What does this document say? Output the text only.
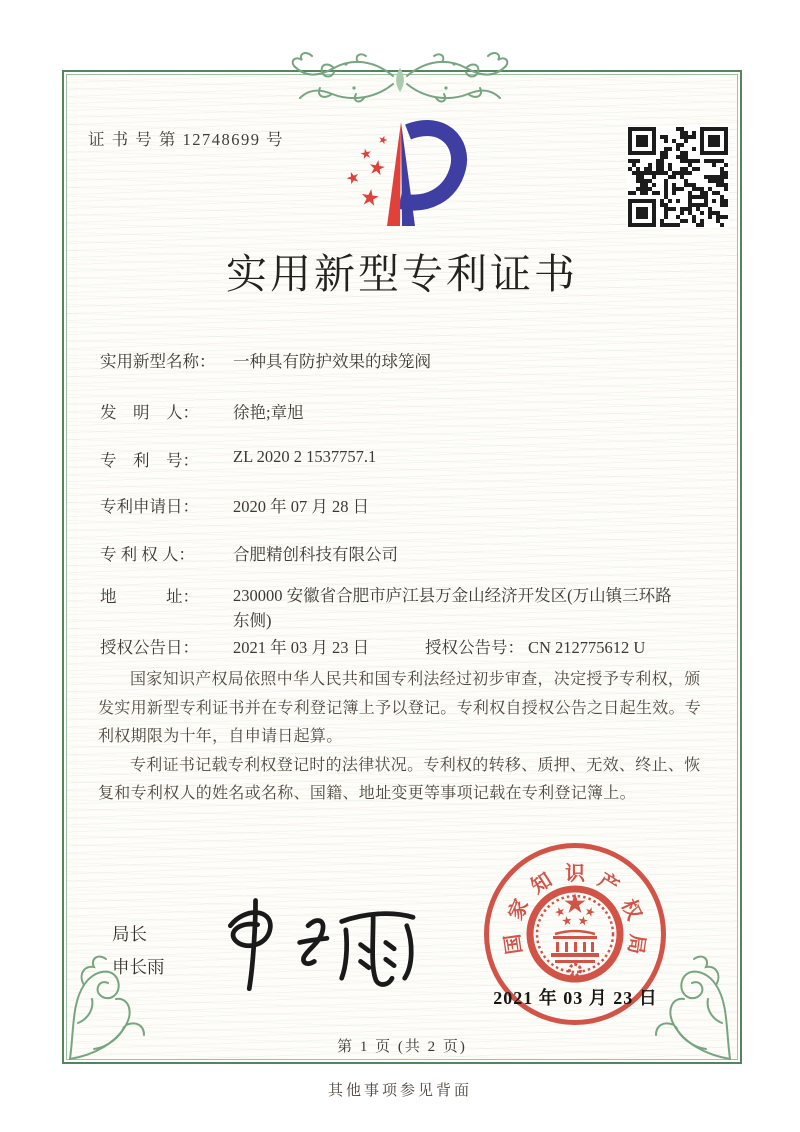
证 书 号 第 12748699 号
实用新型专利证书
实用新型名称： 一种具有防护效果的球笼阀
发　明　人： 徐艳;章旭
专　利　号： ZL 2020 2 1537757.1
专利申请日： 2020 年 07 月 28 日
专 利 权 人： 合肥精创科技有限公司
地　　　址： 230000 安徽省合肥市庐江县万金山经济开发区(万山镇三环路东侧)
授权公告日： 2021 年 03 月 23 日	授权公告号： CN 212775612 U

国家知识产权局依照中华人民共和国专利法经过初步审查，决定授予专利权，颁发实用新型专利证书并在专利登记簿上予以登记。专利权自授权公告之日起生效。专利权期限为十年，自申请日起算。

专利证书记载专利权登记时的法律状况。专利权的转移、质押、无效、终止、恢复和专利权人的姓名或名称、国籍、地址变更等事项记载在专利登记簿上。

局长
申长雨
国
家
知 识 产
权
局
2021 年 03 月 23 日
第 1 页 (共 2 页)
其他事项参见背面
